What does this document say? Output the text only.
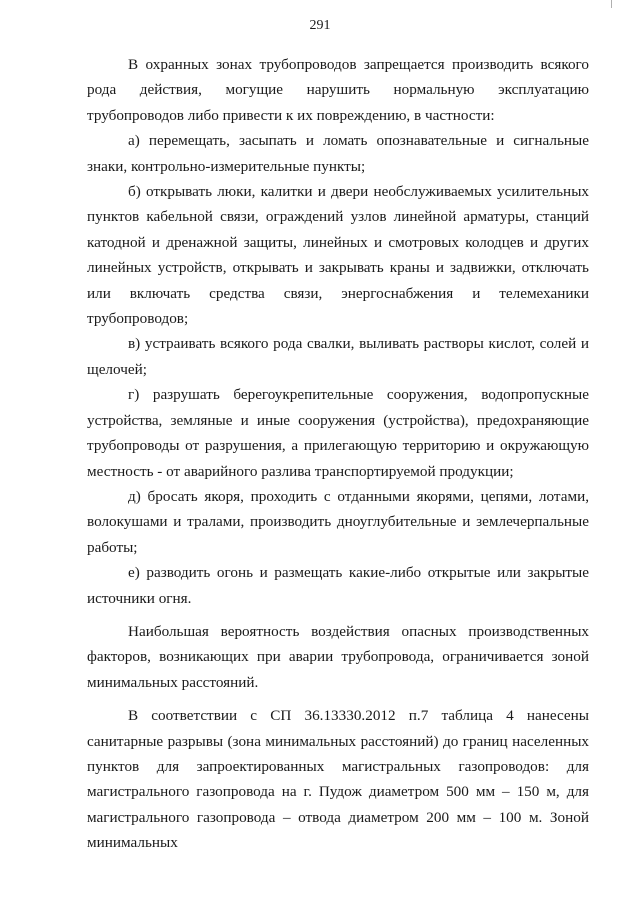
291

В охранных зонах трубопроводов запрещается производить всякого рода действия, могущие нарушить нормальную эксплуатацию трубопроводов либо привести к их повреждению, в частности:

а) перемещать, засыпать и ломать опознавательные и сигнальные знаки, контрольно-измерительные пункты;

б) открывать люки, калитки и двери необслуживаемых усилительных пунктов кабельной связи, ограждений узлов линейной арматуры, станций катодной и дренажной защиты, линейных и смотровых колодцев и других линейных устройств, открывать и закрывать краны и задвижки, отключать или включать средства связи, энергоснабжения и телемеханики трубопроводов;

в) устраивать всякого рода свалки, выливать растворы кислот, солей и щелочей;

г) разрушать берегоукрепительные сооружения, водопропускные устройства, земляные и иные сооружения (устройства), предохраняющие трубопроводы от разрушения, а прилегающую территорию и окружающую местность - от аварийного разлива транспортируемой продукции;

д) бросать якоря, проходить с отданными якорями, цепями, лотами, волокушами и тралами, производить дноуглубительные и землечерпальные работы;

е) разводить огонь и размещать какие-либо открытые или закрытые источники огня.

Наибольшая вероятность воздействия опасных производственных факторов, возникающих при аварии трубопровода, ограничивается зоной минимальных расстояний.

В соответствии с СП 36.13330.2012 п.7 таблица 4 нанесены санитарные разрывы (зона минимальных расстояний) до границ населенных пунктов для запроектированных магистральных газопроводов: для магистрального газопровода на г. Пудож диаметром 500 мм – 150 м, для магистрального газопровода – отвода диаметром 200 мм – 100 м. Зоной минимальных
